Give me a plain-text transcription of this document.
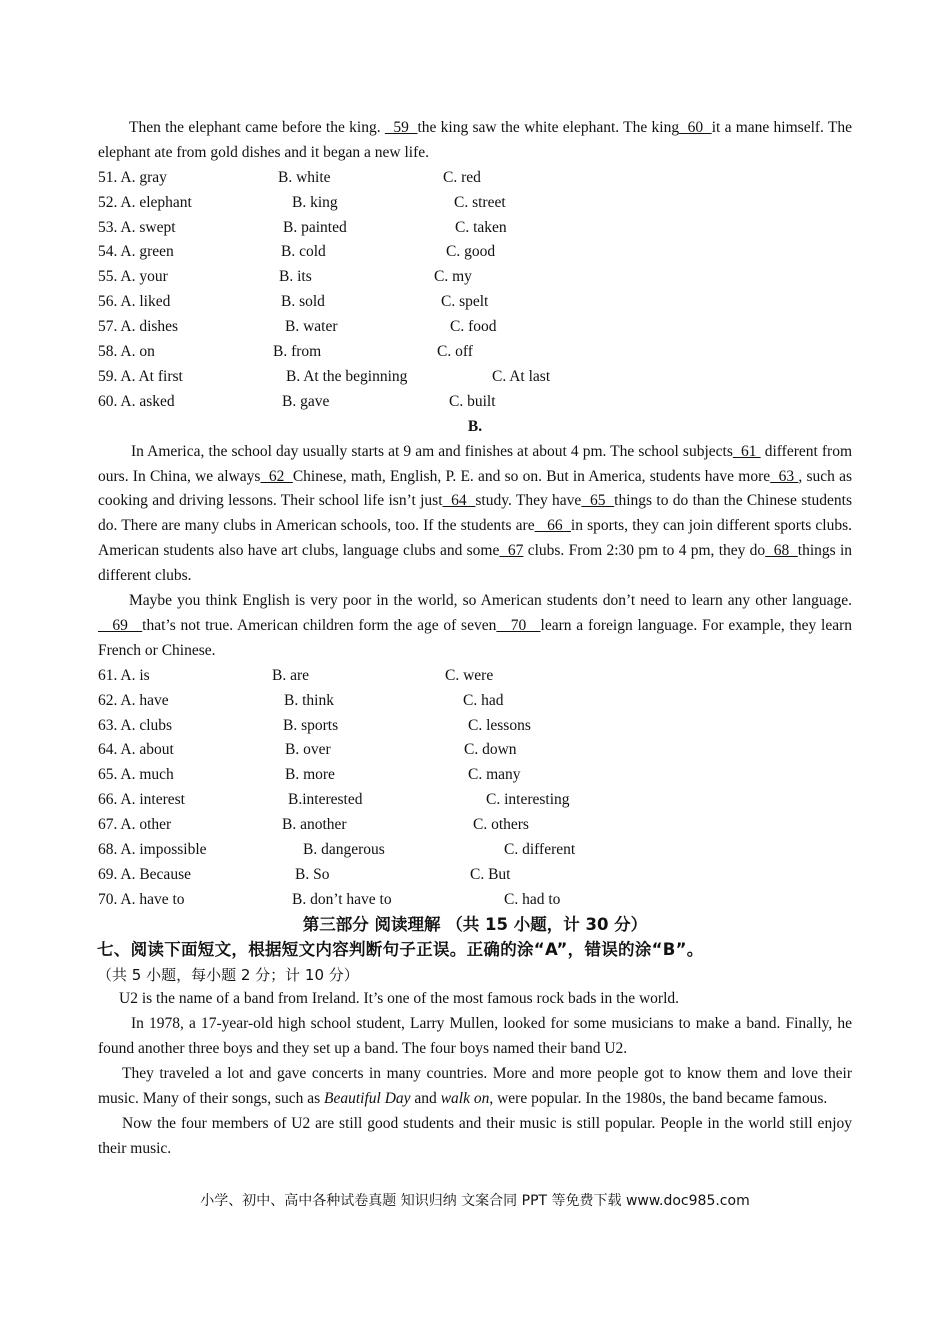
Then the elephant came before the king.   59  the king saw the white elephant. The king  60  it a mane himself. The elephant ate from gold dishes and it began a new life.

51. A. gray	B. white	C. red
52. A. elephant	B. king	C. street
53. A. swept	B. painted	C. taken
54. A. green	B. cold	C. good
55. A. your	B. its	C. my
56. A. liked	B. sold	C. spelt
57. A. dishes	B. water	C. food
58. A. on	B. from	C. off
59. A. At first	B. At the beginning	C. At last
60. A. asked	B. gave	C. built
B.

In America, the school day usually starts at 9 am and finishes at about 4 pm. The school subjects  61  different from ours. In China, we always  62  Chinese, math, English, P. E. and so on. But in America, students have more  63 , such as cooking and driving lessons. Their school life isn’t just  64  study. They have  65  things to do than the Chinese students do. There are many clubs in American schools, too. If the students are   66  in sports, they can join different sports clubs. American students also have art clubs, language clubs and some  67 clubs. From 2:30 pm to 4 pm, they do  68  things in different clubs.

Maybe you think English is very poor in the world, so American students don’t need to learn any other language.   69   that’s not true. American children form the age of seven   70   learn a foreign language. For example, they learn French or Chinese.

61. A. is	B. are	C. were
62. A. have	B. think	C. had
63. A. clubs	B. sports	C. lessons
64. A. about	B. over	C. down
65. A. much	B. more	C. many
66. A. interest	B.interested	C. interesting
67. A. other	B. another	C. others
68. A. impossible	B. dangerous	C. different
69. A. Because	B. So	C. But
70. A. have to	B. don’t have to	C. had to
第三部分 阅读理解 （共 15 小题，计 30 分）
七、阅读下面短文，根据短文内容判断句子正误。正确的涂“A”，错误的涂“B”。
（共 5 小题，每小题 2 分；计 10 分）

U2 is the name of a band from Ireland. It’s one of the most famous rock bads in the world.

In 1978, a 17-year-old high school student, Larry Mullen, looked for some musicians to make a band. Finally, he found another three boys and they set up a band. The four boys named their band U2.

They traveled a lot and gave concerts in many countries. More and more people got to know them and love their music. Many of their songs, such as Beautiful Day and walk on, were popular. In the 1980s, the band became famous.

Now the four members of U2 are still good students and their music is still popular. People in the world still enjoy their music.

小学、初中、高中各种试卷真题 知识归纳 文案合同 PPT 等免费下载 www.doc985.com
